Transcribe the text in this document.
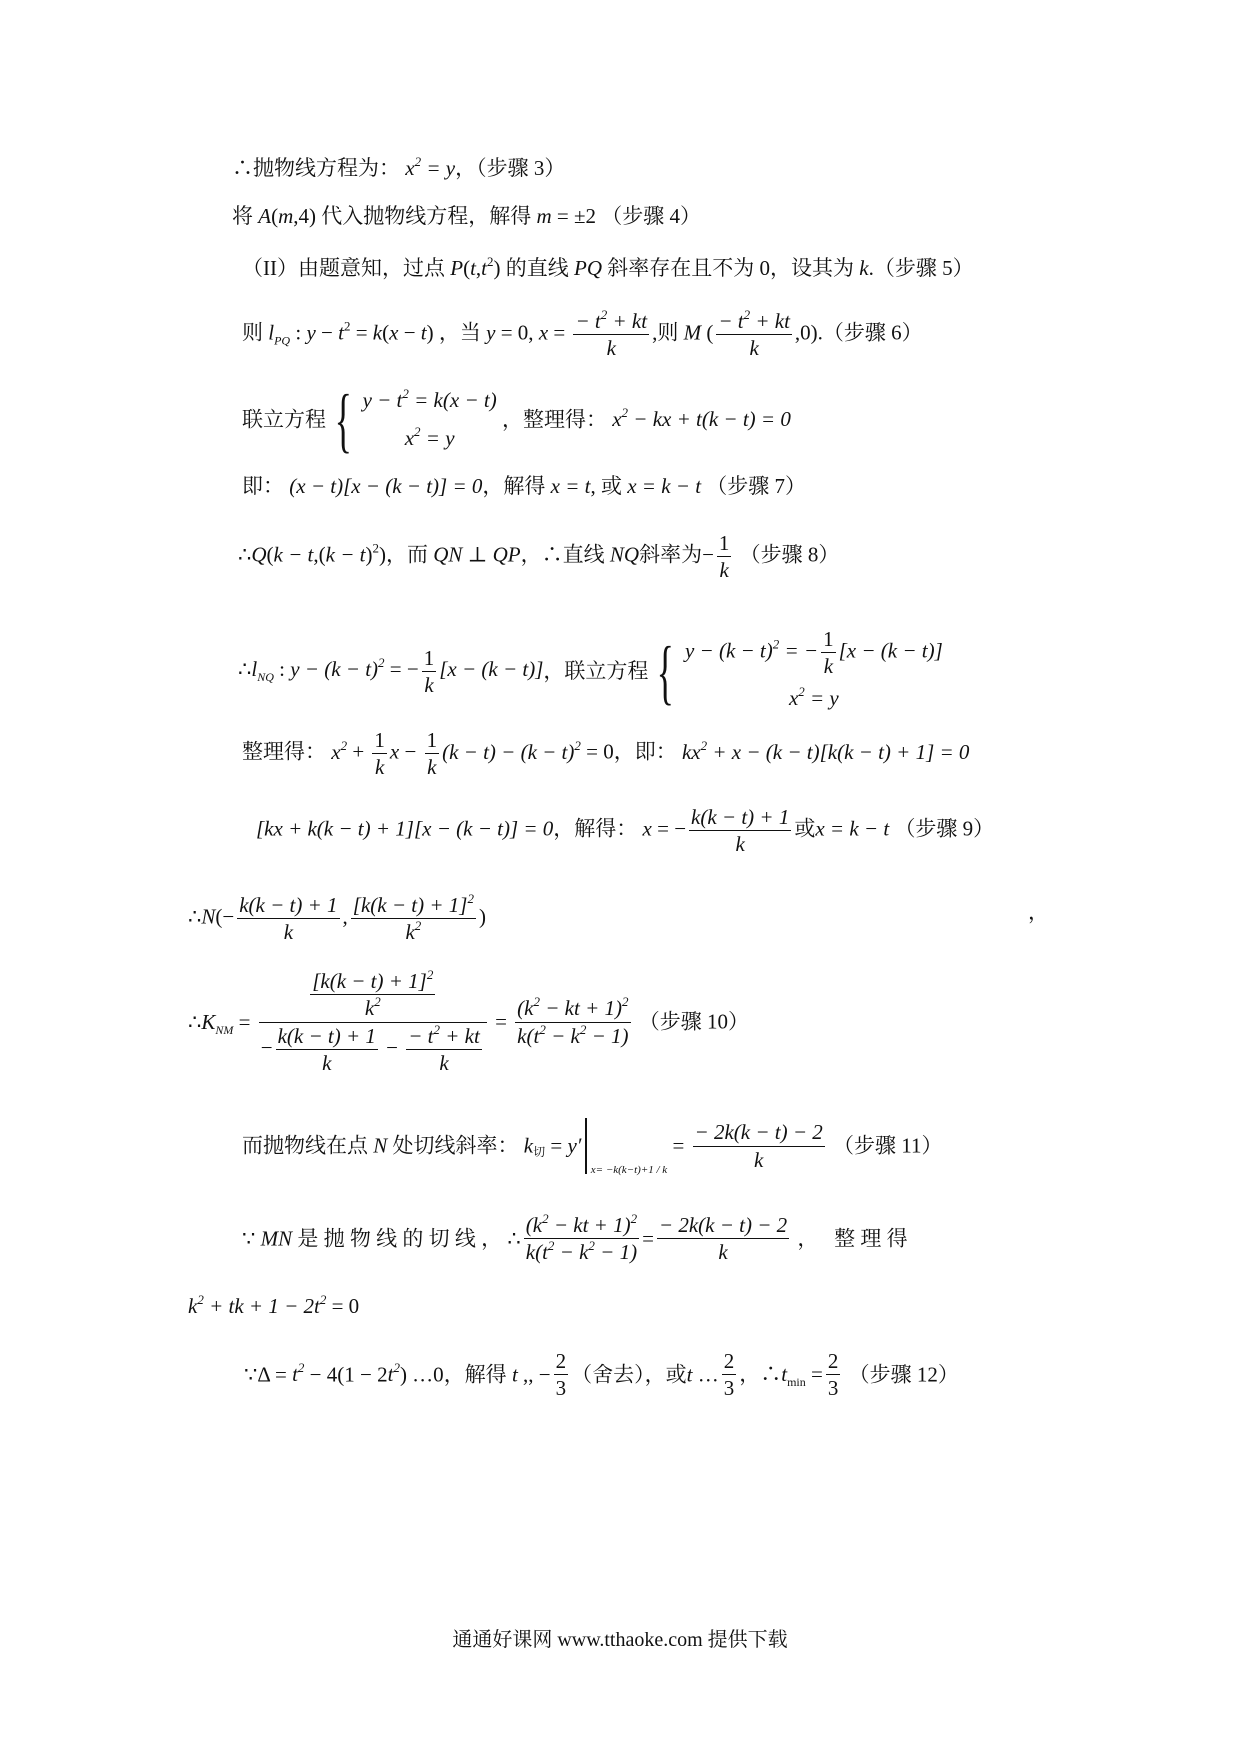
∴抛物线方程为： $x^2 = y$，（步骤 3）
将 A(m,4) 代入抛物线方程，解得 m = ±2 （步骤 4）
（II）由题意知，过点 $P(t,t^2)$ 的直线 PQ 斜率存在且不为 0，设其为 k.（步骤 5）
则 $l_{PQ}$ : $y - t^2 = k(x - t)$ ，当 y = 0, $x = \frac{- t^2 + kt}{k}$ ,则 M ( $\frac{- t^2 + kt}{k} ,0$).（步骤 6）
联立方程 { $y - t^2 = k(x - t)$
$x^2 = y$
，整理得： $x^2$ − kx + t(k − t) = 0
即： (x − t)[x − (k − t)] = 0，解得 x = t, 或 x = k − t （步骤 7）
∴Q(k − $t,(k - t)^2$)，而 QN ⊥ QP，∴直线 NQ斜率为− $\frac{1}{k}$ （步骤 8）
$\therefore l_{NQ}$ : $y - (k - t)^2$ = − $\frac{1}{k} [x - (k - t)]$，联立方程 { $y - (k - t)^2$ = − $\frac{1}{k} [x - (k - t)]$
$x^2 = y$
整理得： $x^2 + \frac{1}{k}$ $x - \frac{1}{k} (k - t) - (k - t)^2 = 0$，即： $kx^2 + x - (k - t)[k(k - t) + 1] = 0$
[kx + k(k − t) + 1][x − (k − t)] = 0，解得： x = − $\frac{k(k - t) + 1}{k}$ 或x = k − t （步骤 9）
∴N(− $\frac{k(k - t) + 1}{k}$ , $\frac{[k(k - t) + 1]^2}{k^2}$ )	，
$\therefore K_{NM} = \frac{\frac{[k(k - t) + 1]^2}{k^2}}{- \frac{k(k - t) + 1}{k} - \frac{- t^2 + kt}{k}} = \frac{(k^2 - kt + 1)^2}{k(t^2 - k^2 - 1)}$ （步骤 10）
而抛物线在点 N 处切线斜率： $k_切 = y'_{x= -k(k-t)+1 / k} = \frac{- 2k(k - t) - 2}{k}$ （步骤 11）
∵ MN 是 抛 物 线 的 切 线 ， ∴ $\frac{(k^2 - kt + 1)^2}{k(t^2 - k^2 - 1)} = \frac{- 2k(k - t) - 2}{k}$ ，　 整 理 得
$k^2$ + tk + $1 - 2t^2 = 0$
∵Δ = $t^2 - 4(1 - 2t^2)$ …0，解得 t ,, − $\frac{2}{3}$ （舍去），或t … $\frac{2}{3}$ ，$\therefore t_{min} = \frac{2}{3}$ （步骤 12）
通通好课网 www.tthaoke.com 提供下载
